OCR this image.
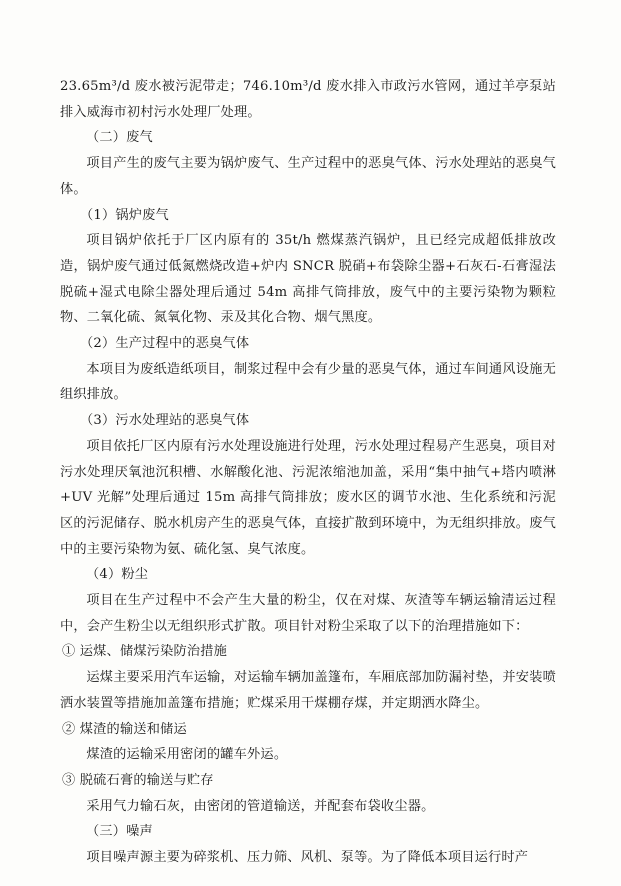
23.65m³/d 废水被污泥带走；746.10m³/d 废水排入市政污水管网，通过羊亭泵站排入威海市初村污水处理厂处理。

（二）废气

项目产生的废气主要为锅炉废气、生产过程中的恶臭气体、污水处理站的恶臭气体。

（1）锅炉废气

项目锅炉依托于厂区内原有的 35t/h 燃煤蒸汽锅炉，且已经完成超低排放改造，锅炉废气通过低氮燃烧改造+炉内 SNCR 脱硝+布袋除尘器+石灰石-石膏湿法脱硫+湿式电除尘器处理后通过 54m 高排气筒排放，废气中的主要污染物为颗粒物、二氧化硫、氮氧化物、汞及其化合物、烟气黑度。

（2）生产过程中的恶臭气体

本项目为废纸造纸项目，制浆过程中会有少量的恶臭气体，通过车间通风设施无组织排放。

（3）污水处理站的恶臭气体

项目依托厂区内原有污水处理设施进行处理，污水处理过程易产生恶臭，项目对污水处理厌氧池沉积槽、水解酸化池、污泥浓缩池加盖，采用“集中抽气+塔内喷淋+UV 光解”处理后通过 15m 高排气筒排放；废水区的调节水池、生化系统和污泥区的污泥储存、脱水机房产生的恶臭气体，直接扩散到环境中，为无组织排放。废气中的主要污染物为氨、硫化氢、臭气浓度。

（4）粉尘

项目在生产过程中不会产生大量的粉尘，仅在对煤、灰渣等车辆运输清运过程中，会产生粉尘以无组织形式扩散。项目针对粉尘采取了以下的治理措施如下：

① 运煤、储煤污染防治措施

运煤主要采用汽车运输，对运输车辆加盖篷布，车厢底部加防漏衬垫，并安装喷洒水装置等措施加盖篷布措施；贮煤采用干煤棚存煤，并定期洒水降尘。

② 煤渣的输送和储运

煤渣的运输采用密闭的罐车外运。

③ 脱硫石膏的输送与贮存

采用气力输石灰，由密闭的管道输送，并配套布袋收尘器。

（三）噪声

项目噪声源主要为碎浆机、压力筛、风机、泵等。为了降低本项目运行时产
